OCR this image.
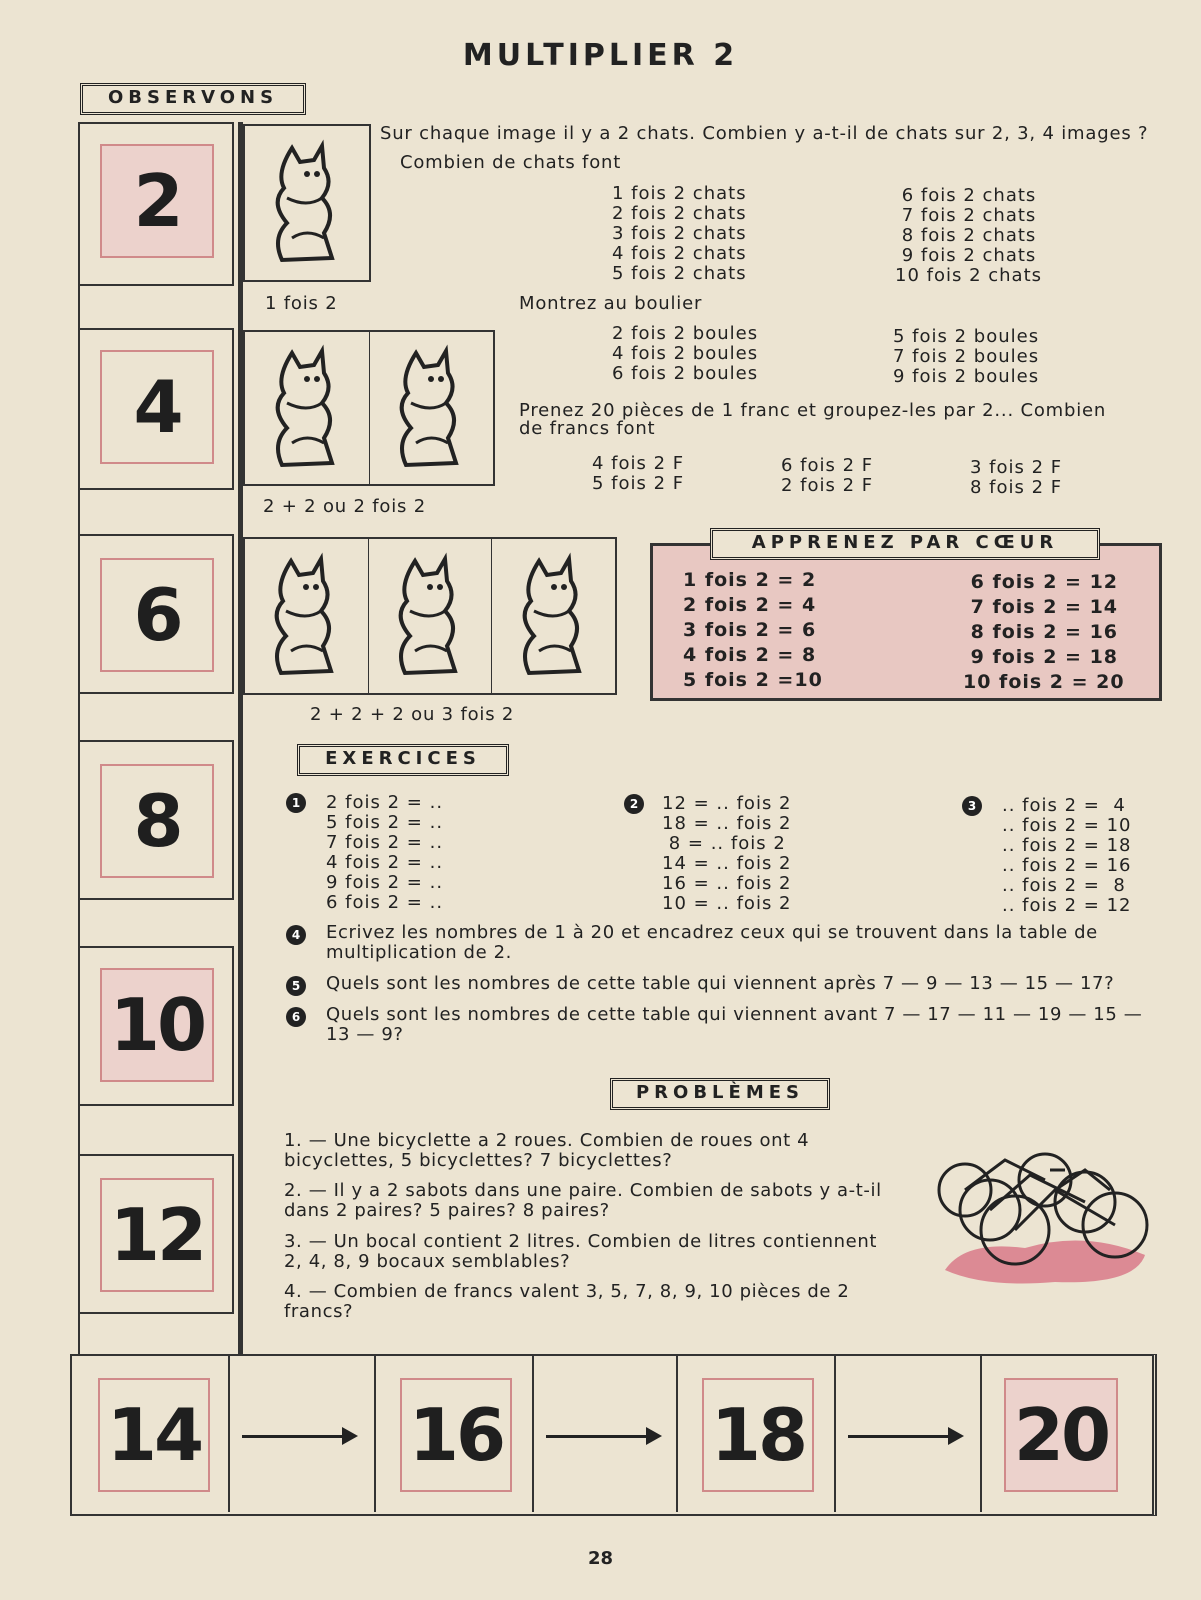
MULTIPLIER 2
OBSERVONS
2
4
6
8
10
12
1 fois 2
2 + 2 ou 2 fois 2
2 + 2 + 2 ou 3 fois 2
Sur chaque image il y a 2 chats. Combien y a-t-il de chats sur 2, 3, 4 images ?
Combien de chats font
1 fois 2 chats
2 fois 2 chats
3 fois 2 chats
4 fois 2 chats
5 fois 2 chats
6 fois 2 chats
7 fois 2 chats
8 fois 2 chats
9 fois 2 chats
10 fois 2 chats
Montrez au boulier
2 fois 2 boules
4 fois 2 boules
6 fois 2 boules
5 fois 2 boules
7 fois 2 boules
9 fois 2 boules
Prenez 20 pièces de 1 franc et groupez-les par 2... Combien
de francs font
4 fois 2 F
5 fois 2 F
6 fois 2 F
2 fois 2 F
3 fois 2 F
8 fois 2 F
1 fois 2 = 2
2 fois 2 = 4
3 fois 2 = 6
4 fois 2 = 8
5 fois 2 =10
6 fois 2 = 12
7 fois 2 = 14
8 fois 2 = 16
9 fois 2 = 18
10 fois 2 = 20
APPRENEZ PAR CŒUR
EXERCICES
1	2 fois 2 = ..
5 fois 2 = ..
7 fois 2 = ..
4 fois 2 = ..
9 fois 2 = ..
6 fois 2 = ..
2	12 = .. fois 2
18 = .. fois 2
8 = .. fois 2
14 = .. fois 2
16 = .. fois 2
10 = .. fois 2
3	.. fois 2 =  4
.. fois 2 = 10
.. fois 2 = 18
.. fois 2 = 16
.. fois 2 =  8
.. fois 2 = 12
4	Ecrivez les nombres de 1 à 20 et encadrez ceux qui se trouvent dans la table de multiplication de 2.
5	Quels sont les nombres de cette table qui viennent après 7 — 9 — 13 — 15 — 17?
6	Quels sont les nombres de cette table qui viennent avant 7 — 17 — 11 — 19 — 15 — 13 — 9?
PROBLÈMES
1. — Une bicyclette a 2 roues. Combien de roues ont 4 bicyclettes, 5 bicyclettes? 7 bicyclettes?
2. — Il y a 2 sabots dans une paire. Combien de sabots y a-t-il dans 2 paires? 5 paires? 8 paires?
3. — Un bocal contient 2 litres. Combien de litres contiennent 2, 4, 8, 9 bocaux semblables?
4. — Combien de francs valent 3, 5, 7, 8, 9, 10 pièces de 2 francs?
14	16	18	20
28
